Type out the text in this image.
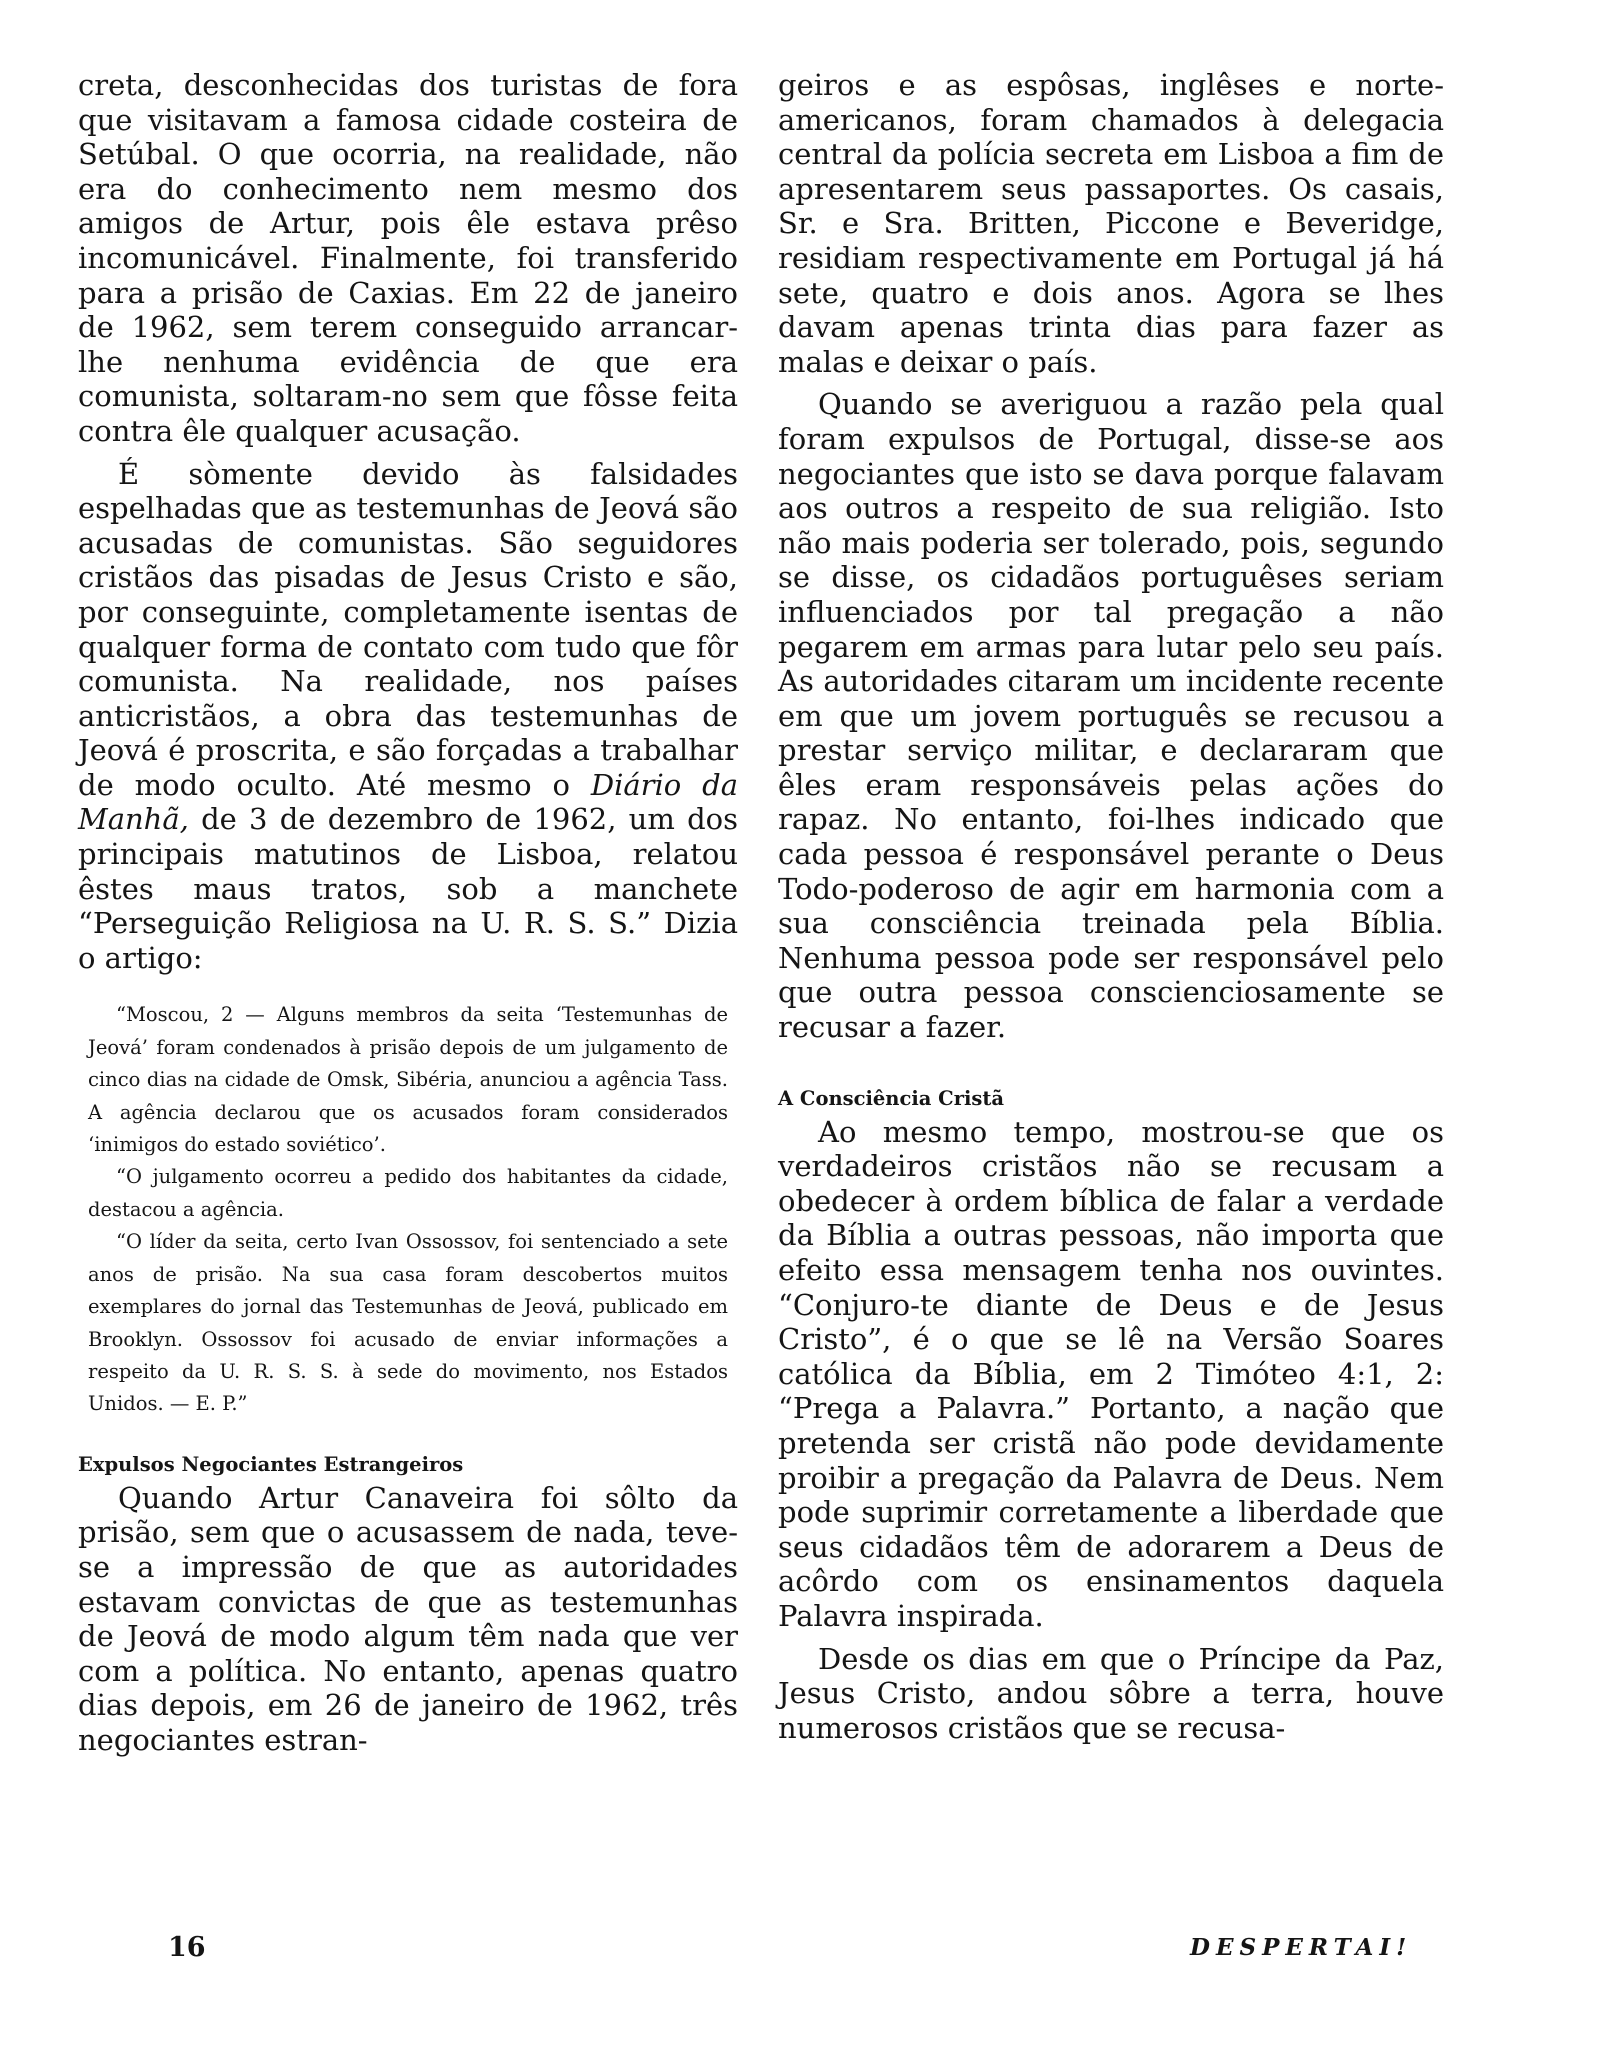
creta, desconhecidas dos turistas de fora que visitavam a famosa cidade costeira de Setúbal. O que ocorria, na realidade, não era do conhecimento nem mesmo dos amigos de Artur, pois êle estava prêso incomunicável. Finalmente, foi transferido para a prisão de Caxias. Em 22 de janeiro de 1962, sem terem conseguido arrancar-lhe nenhuma evidência de que era comunista, soltaram-no sem que fôsse feita contra êle qualquer acusação.

É sòmente devido às falsidades espelhadas que as testemunhas de Jeová são acusadas de comunistas. São seguidores cristãos das pisadas de Jesus Cristo e são, por conseguinte, completamente isentas de qualquer forma de contato com tudo que fôr comunista. Na realidade, nos países anticristãos, a obra das testemunhas de Jeová é proscrita, e são forçadas a trabalhar de modo oculto. Até mesmo o Diário da Manhã, de 3 de dezembro de 1962, um dos principais matutinos de Lisboa, relatou êstes maus tratos, sob a manchete “Perseguição Religiosa na U. R. S. S.” Dizia o artigo:

“Moscou, 2 — Alguns membros da seita ‘Testemunhas de Jeová’ foram condenados à prisão depois de um julgamento de cinco dias na cidade de Omsk, Sibéria, anunciou a agência Tass. A agência declarou que os acusados foram considerados ‘inimigos do estado soviético’.

“O julgamento ocorreu a pedido dos habitantes da cidade, destacou a agência.

“O líder da seita, certo Ivan Ossossov, foi sentenciado a sete anos de prisão. Na sua casa foram descobertos muitos exemplares do jornal das Testemunhas de Jeová, publicado em Brooklyn. Ossossov foi acusado de enviar informações a respeito da U. R. S. S. à sede do movimento, nos Estados Unidos. — E. P.”

Expulsos Negociantes Estrangeiros

Quando Artur Canaveira foi sôlto da prisão, sem que o acusassem de nada, teve-se a impressão de que as autoridades estavam convictas de que as testemunhas de Jeová de modo algum têm nada que ver com a política. No entanto, apenas quatro dias depois, em 26 de janeiro de 1962, três negociantes estran-

geiros e as espôsas, inglêses e norte-americanos, foram chamados à delegacia central da polícia secreta em Lisboa a fim de apresentarem seus passaportes. Os casais, Sr. e Sra. Britten, Piccone e Beveridge, residiam respectivamente em Portugal já há sete, quatro e dois anos. Agora se lhes davam apenas trinta dias para fazer as malas e deixar o país.

Quando se averiguou a razão pela qual foram expulsos de Portugal, disse-se aos negociantes que isto se dava porque falavam aos outros a respeito de sua religião. Isto não mais poderia ser tolerado, pois, segundo se disse, os cidadãos portuguêses seriam influenciados por tal pregação a não pegarem em armas para lutar pelo seu país. As autoridades citaram um incidente recente em que um jovem português se recusou a prestar serviço militar, e declararam que êles eram responsáveis pelas ações do rapaz. No entanto, foi-lhes indicado que cada pessoa é responsável perante o Deus Todo-poderoso de agir em harmonia com a sua consciência treinada pela Bíblia. Nenhuma pessoa pode ser responsável pelo que outra pessoa conscienciosamente se recusar a fazer.

A Consciência Cristã

Ao mesmo tempo, mostrou-se que os verdadeiros cristãos não se recusam a obedecer à ordem bíblica de falar a verdade da Bíblia a outras pessoas, não importa que efeito essa mensagem tenha nos ouvintes. “Conjuro-te diante de Deus e de Jesus Cristo”, é o que se lê na Versão Soares católica da Bíblia, em 2 Timóteo 4:1, 2: “Prega a Palavra.” Portanto, a nação que pretenda ser cristã não pode devidamente proibir a pregação da Palavra de Deus. Nem pode suprimir corretamente a liberdade que seus cidadãos têm de adorarem a Deus de acôrdo com os ensinamentos daquela Palavra inspirada.

Desde os dias em que o Príncipe da Paz, Jesus Cristo, andou sôbre a terra, houve numerosos cristãos que se recusa-

16	DESPERTAI!
